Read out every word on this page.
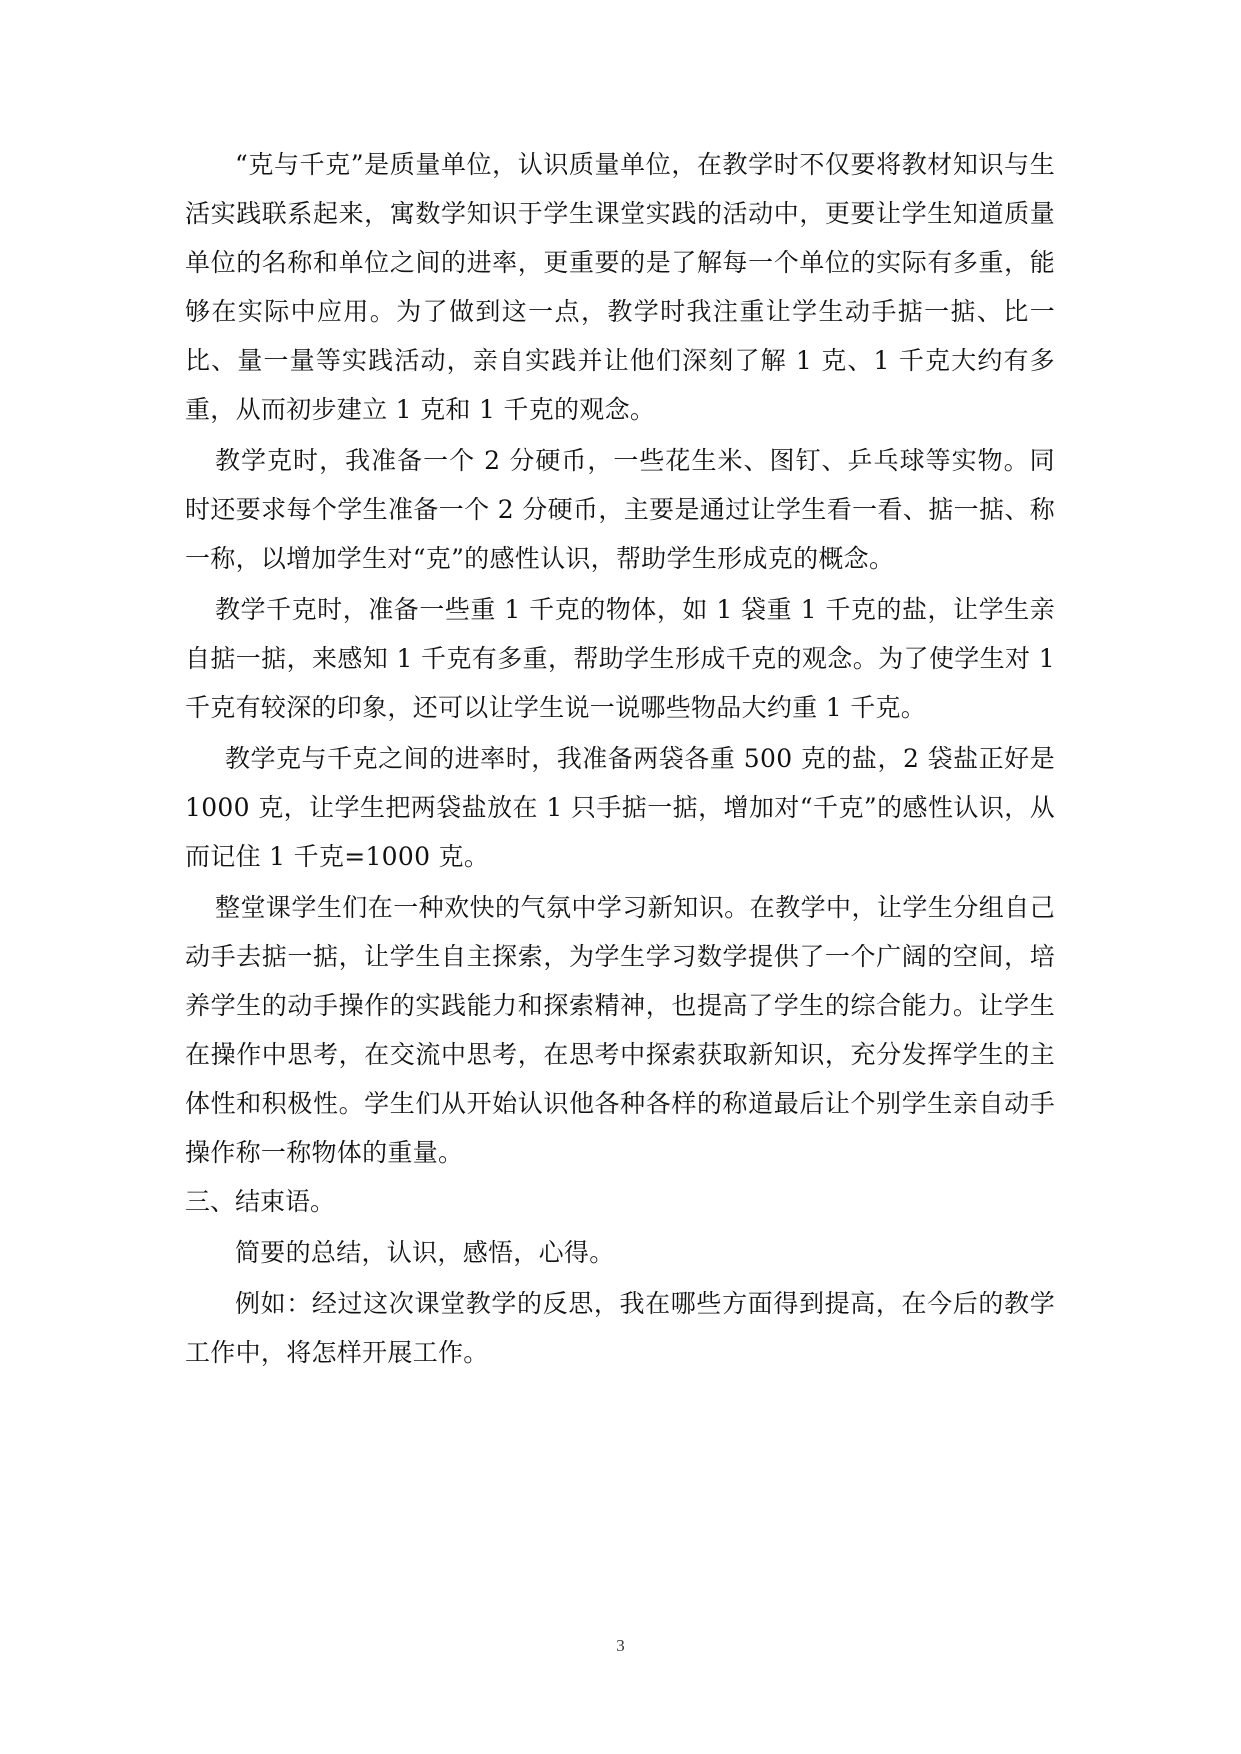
“克与千克”是质量单位，认识质量单位，在教学时不仅要将教材知识与生活实践联系起来，寓数学知识于学生课堂实践的活动中，更要让学生知道质量单位的名称和单位之间的进率，更重要的是了解每一个单位的实际有多重，能够在实际中应用。为了做到这一点，教学时我注重让学生动手掂一掂、比一比、量一量等实践活动，亲自实践并让他们深刻了解 1 克、1 千克大约有多重，从而初步建立 1 克和 1 千克的观念。

教学克时，我准备一个 2 分硬币，一些花生米、图钉、乒乓球等实物。同时还要求每个学生准备一个 2 分硬币，主要是通过让学生看一看、掂一掂、称一称，以增加学生对“克”的感性认识，帮助学生形成克的概念。

教学千克时，准备一些重 1 千克的物体，如 1 袋重 1 千克的盐，让学生亲自掂一掂，来感知 1 千克有多重，帮助学生形成千克的观念。为了使学生对 1 千克有较深的印象，还可以让学生说一说哪些物品大约重 1 千克。

教学克与千克之间的进率时，我准备两袋各重 500 克的盐，2 袋盐正好是 1000 克，让学生把两袋盐放在 1 只手掂一掂，增加对“千克”的感性认识，从而记住 1 千克=1000 克。

整堂课学生们在一种欢快的气氛中学习新知识。在教学中，让学生分组自己动手去掂一掂，让学生自主探索，为学生学习数学提供了一个广阔的空间，培养学生的动手操作的实践能力和探索精神，也提高了学生的综合能力。让学生在操作中思考，在交流中思考，在思考中探索获取新知识，充分发挥学生的主体性和积极性。学生们从开始认识他各种各样的称道最后让个别学生亲自动手操作称一称物体的重量。

三、结束语。

简要的总结，认识，感悟，心得。

例如：经过这次课堂教学的反思，我在哪些方面得到提高，在今后的教学工作中，将怎样开展工作。

3
